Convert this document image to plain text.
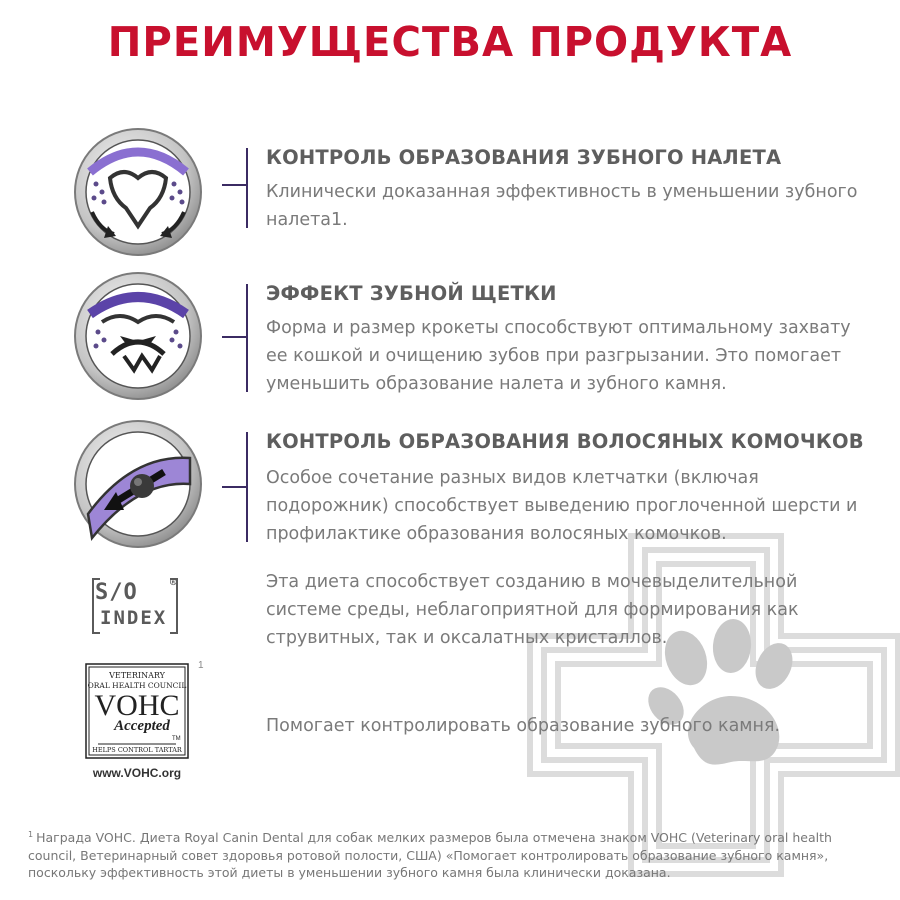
ПРЕИМУЩЕСТВА ПРОДУКТА
КОНТРОЛЬ ОБРАЗОВАНИЯ ЗУБНОГО НАЛЕТА

Клинически доказанная эффективность в уменьшении зубного
налета1.

ЭФФЕКТ ЗУБНОЙ ЩЕТКИ

Форма и размер крокеты способствуют оптимальному захвату
ее кошкой и очищению зубов при разгрызании. Это помогает
уменьшить образование налета и зубного камня.

КОНТРОЛЬ ОБРАЗОВАНИЯ ВОЛОСЯНЫХ КОМОЧКОВ

Особое сочетание разных видов клетчатки (включая
подорожник) способствует выведению проглоченной шерсти и
профилактике образования волосяных комочков.

S/O	®
INDEX

Эта диета способствует созданию в мочевыделительной
системе среды, неблагоприятной для формирования как
струвитных, так и оксалатных кристаллов.

VETERINARY
ORAL HEALTH COUNCIL
VOHC
Accepted
TM
HELPS CONTROL TARTAR
1
www.VOHC.org

Помогает контролировать образование зубного камня.

$^1$ Награда VOHC. Диета Royal Canin Dental для собак мелких размеров была отмечена знаком VOHC (Veterinary oral health
council, Ветеринарный совет здоровья ротовой полости, США) «Помогает контролировать образование зубного камня»,
поскольку эффективность этой диеты в уменьшении зубного камня была клинически доказана.
